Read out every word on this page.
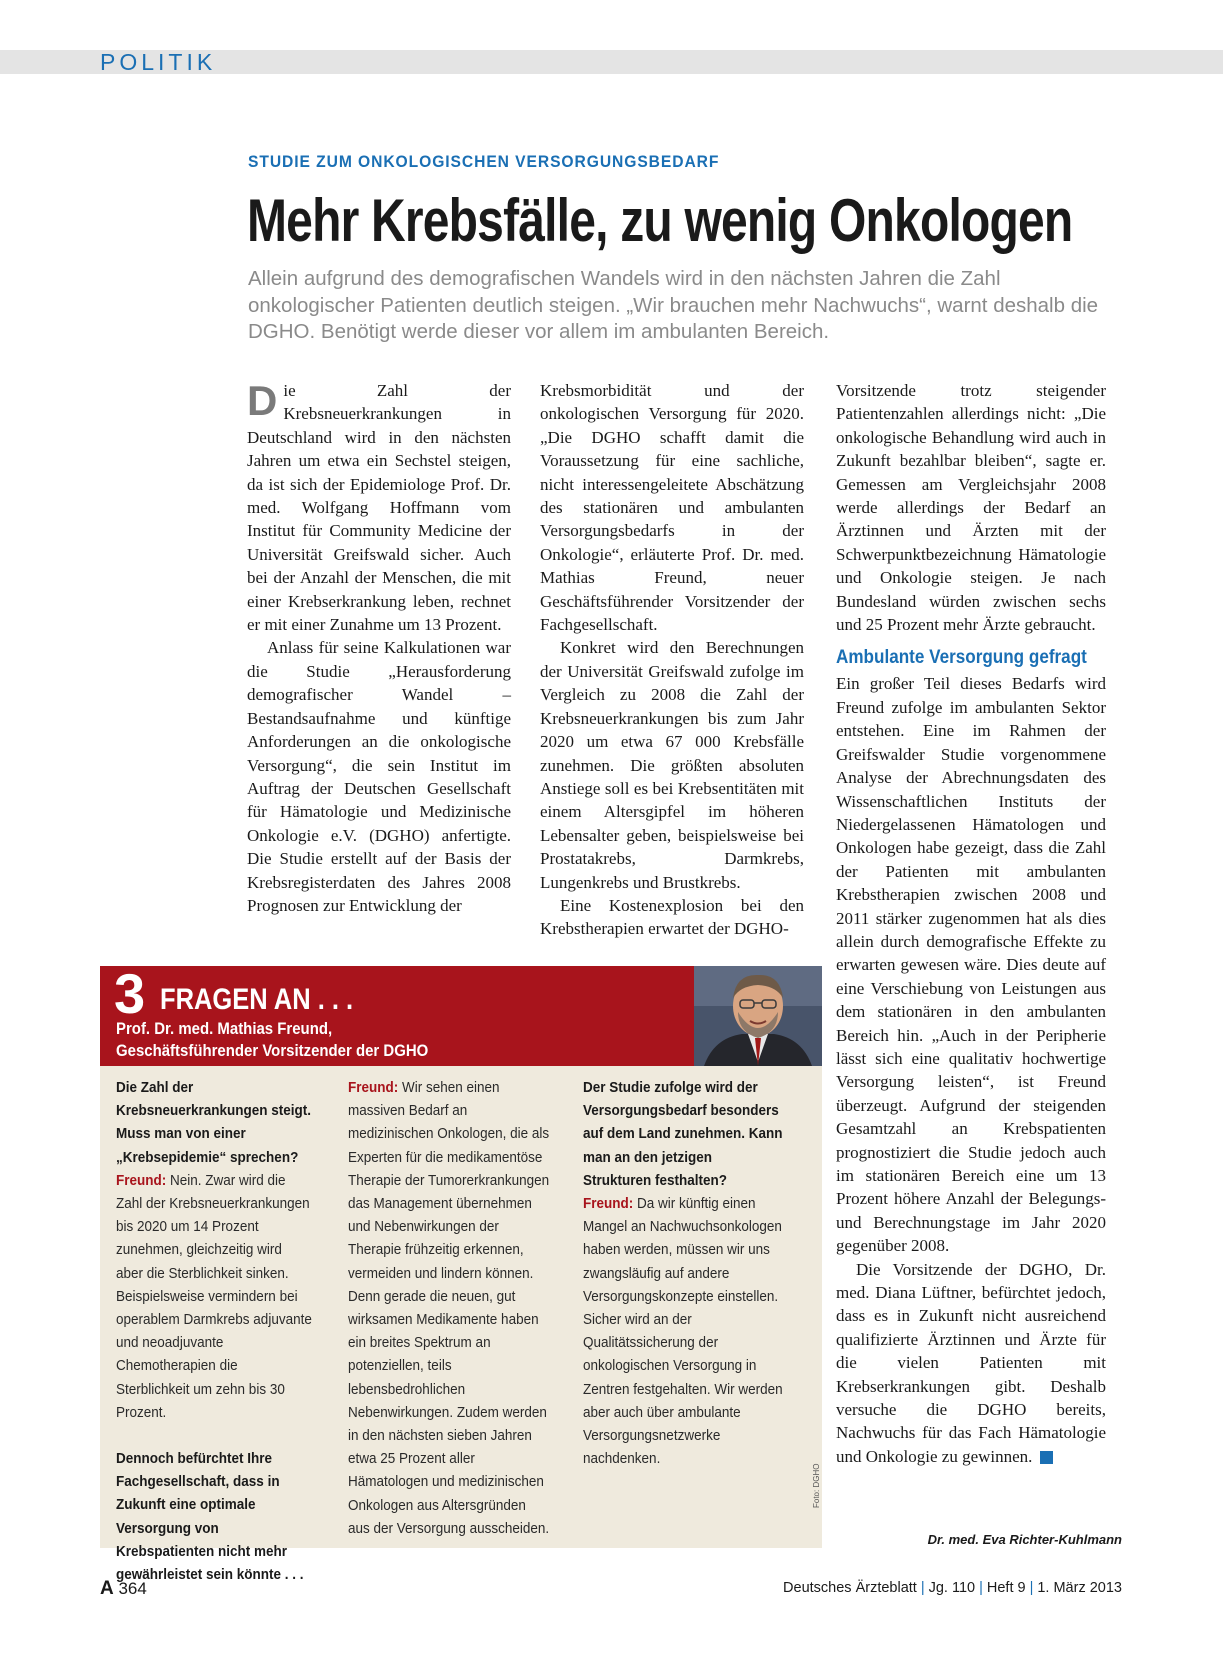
POLITIK
STUDIE ZUM ONKOLOGISCHEN VERSORGUNGSBEDARF
Mehr Krebsfälle, zu wenig Onkologen
Allein aufgrund des demografischen Wandels wird in den nächsten Jahren die Zahl onkologischer Patienten deutlich steigen. „Wir brauchen mehr Nachwuchs“, warnt deshalb die DGHO. Benötigt werde dieser vor allem im ambulanten Bereich.

Die Zahl der Krebsneuerkrankungen in Deutschland wird in den nächsten Jahren um etwa ein Sechstel steigen, da ist sich der Epidemiologe Prof. Dr. med. Wolfgang Hoffmann vom Institut für Community Medicine der Universität Greifswald sicher. Auch bei der Anzahl der Menschen, die mit einer Krebserkrankung leben, rechnet er mit einer Zunahme um 13 Prozent.

Anlass für seine Kalkulationen war die Studie „Herausforderung demografischer Wandel – Bestandsaufnahme und künftige Anforderungen an die onkologische Versorgung“, die sein Institut im Auftrag der Deutschen Gesellschaft für Hämatologie und Medizinische Onkologie e.V. (DGHO) anfertigte. Die Studie erstellt auf der Basis der Krebsregisterdaten des Jahres 2008 Prognosen zur Entwicklung der

Krebsmorbidität und der onkologischen Versorgung für 2020. „Die DGHO schafft damit die Voraussetzung für eine sachliche, nicht interessengeleitete Abschätzung des stationären und ambulanten Versorgungsbedarfs in der Onkologie“, erläuterte Prof. Dr. med. Mathias Freund, neuer Geschäftsführender Vorsitzender der Fachgesellschaft.

Konkret wird den Berechnungen der Universität Greifswald zufolge im Vergleich zu 2008 die Zahl der Krebsneuerkrankungen bis zum Jahr 2020 um etwa 67 000 Krebsfälle zunehmen. Die größten absoluten Anstiege soll es bei Krebsentitäten mit einem Altersgipfel im höheren Lebensalter geben, beispielsweise bei Prostatakrebs, Darmkrebs, Lungenkrebs und Brustkrebs.

Eine Kostenexplosion bei den Krebstherapien erwartet der DGHO-

Vorsitzende trotz steigender Patientenzahlen allerdings nicht: „Die onkologische Behandlung wird auch in Zukunft bezahlbar bleiben“, sagte er. Gemessen am Vergleichsjahr 2008 werde allerdings der Bedarf an Ärztinnen und Ärzten mit der Schwerpunktbezeichnung Hämatologie und Onkologie steigen. Je nach Bundesland würden zwischen sechs und 25 Prozent mehr Ärzte gebraucht.

Ambulante Versorgung gefragt

Ein großer Teil dieses Bedarfs wird Freund zufolge im ambulanten Sektor entstehen. Eine im Rahmen der Greifswalder Studie vorgenommene Analyse der Abrechnungsdaten des Wissenschaftlichen Instituts der Niedergelassenen Hämatologen und Onkologen habe gezeigt, dass die Zahl der Patienten mit ambulanten Krebstherapien zwischen 2008 und 2011 stärker zugenommen hat als dies allein durch demografische Effekte zu erwarten gewesen wäre. Dies deute auf eine Verschiebung von Leistungen aus dem stationären in den ambulanten Bereich hin. „Auch in der Peripherie lässt sich eine qualitativ hochwertige Versorgung leisten“, ist Freund überzeugt. Aufgrund der steigenden Gesamtzahl an Krebspatienten prognostiziert die Studie jedoch auch im stationären Bereich eine um 13 Prozent höhere Anzahl der Belegungs- und Berechnungstage im Jahr 2020 gegenüber 2008.

Die Vorsitzende der DGHO, Dr. med. Diana Lüftner, befürchtet jedoch, dass es in Zukunft nicht ausreichend qualifizierte Ärztinnen und Ärzte für die vielen Patienten mit Krebserkrankungen gibt. Deshalb versuche die DGHO bereits, Nachwuchs für das Fach Hämatologie und Onkologie zu gewinnen.

Dr. med. Eva Richter-Kuhlmann
3 FRAGEN AN . . .
Prof. Dr. med. Mathias Freund,
Geschäftsführender Vorsitzender der DGHO

Die Zahl der Krebsneuerkrankungen steigt. Muss man von einer „Krebsepidemie“ sprechen?

Freund: Nein. Zwar wird die Zahl der Krebsneuerkrankungen bis 2020 um 14 Prozent zunehmen, gleichzeitig wird aber die Sterblichkeit sinken. Beispielsweise vermindern bei operablem Darmkrebs adjuvante und neoadjuvante Chemotherapien die Sterblichkeit um zehn bis 30 Prozent.

Dennoch befürchtet Ihre Fachgesellschaft, dass in Zukunft eine optimale Versorgung von Krebspatienten nicht mehr gewährleistet sein könnte . . .

Freund: Wir sehen einen massiven Bedarf an medizinischen Onkologen, die als Experten für die medikamentöse Therapie der Tumorerkrankungen das Management übernehmen und Nebenwirkungen der Therapie frühzeitig erkennen, vermeiden und lindern können. Denn gerade die neuen, gut wirksamen Medikamente haben ein breites Spektrum an potenziellen, teils lebensbedrohlichen Nebenwirkungen. Zudem werden in den nächsten sieben Jahren etwa 25 Prozent aller Hämatologen und medizinischen Onkologen aus Altersgründen aus der Versorgung ausscheiden.

Der Studie zufolge wird der Versorgungsbedarf besonders auf dem Land zunehmen. Kann man an den jetzigen Strukturen festhalten?

Freund: Da wir künftig einen Mangel an Nachwuchsonkologen haben werden, müssen wir uns zwangsläufig auf andere Versorgungskonzepte einstellen. Sicher wird an der Qualitätssicherung der onkologischen Versorgung in Zentren festgehalten. Wir werden aber auch über ambulante Versorgungsnetzwerke nachdenken.

Foto: DGHO
A 364	Deutsches Ärzteblatt | Jg. 110 | Heft 9 | 1. März 2013
